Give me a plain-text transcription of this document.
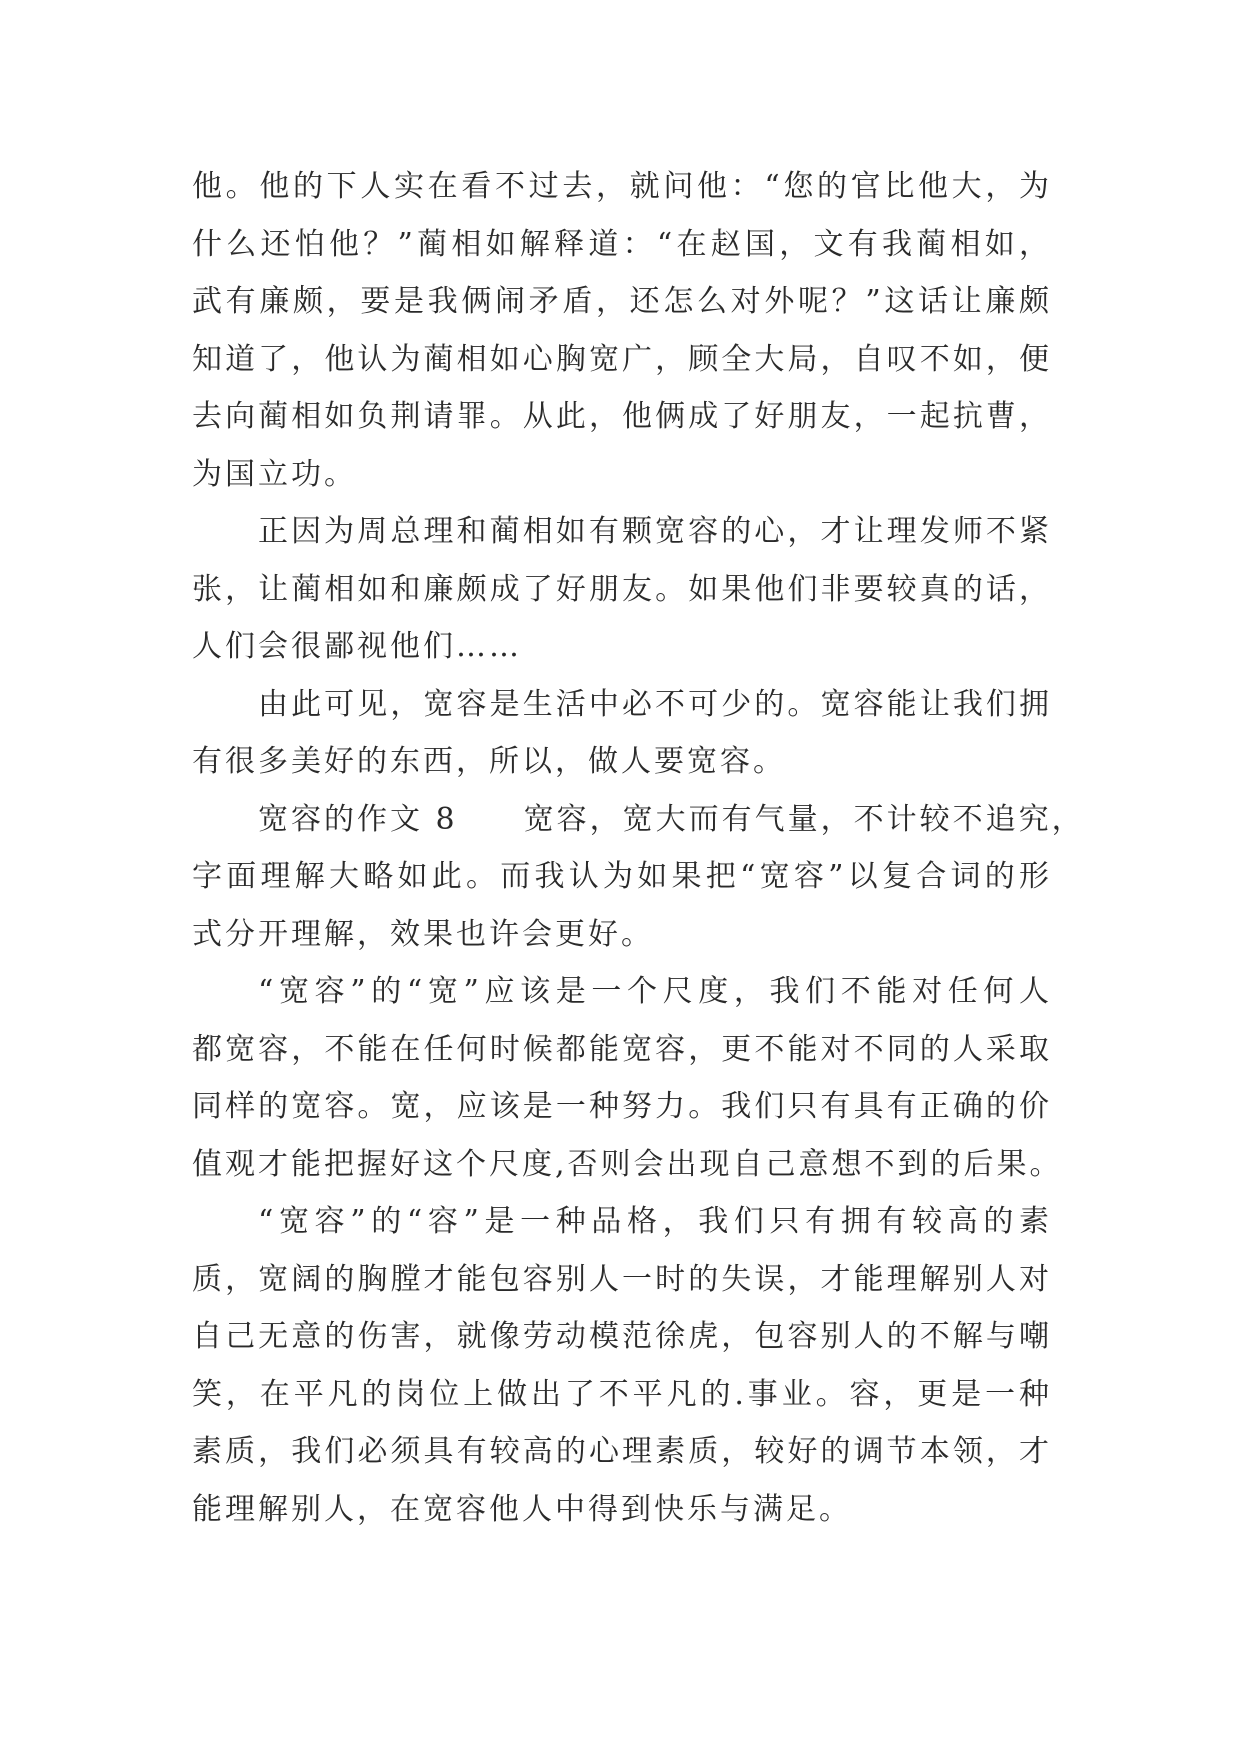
他。他的下人实在看不过去，就问他：“您的官比他大，为
什么还怕他？”蔺相如解释道：“在赵国，文有我蔺相如，
武有廉颇，要是我俩闹矛盾，还怎么对外呢？”这话让廉颇
知道了，他认为蔺相如心胸宽广，顾全大局，自叹不如，便
去向蔺相如负荆请罪。从此，他俩成了好朋友，一起抗曹，
为国立功。
正因为周总理和蔺相如有颗宽容的心，才让理发师不紧
张，让蔺相如和廉颇成了好朋友。如果他们非要较真的话，
人们会很鄙视他们……
由此可见，宽容是生活中必不可少的。宽容能让我们拥
有很多美好的东西，所以，做人要宽容。
宽容的作文 8　　宽容，宽大而有气量，不计较不追究，
字面理解大略如此。而我认为如果把“宽容”以复合词的形
式分开理解，效果也许会更好。
“宽容”的“宽”应该是一个尺度，我们不能对任何人
都宽容，不能在任何时候都能宽容，更不能对不同的人采取
同样的宽容。宽，应该是一种努力。我们只有具有正确的价
值观才能把握好这个尺度,否则会出现自己意想不到的后果。
“宽容”的“容”是一种品格，我们只有拥有较高的素
质，宽阔的胸膛才能包容别人一时的失误，才能理解别人对
自己无意的伤害，就像劳动模范徐虎，包容别人的不解与嘲
笑，在平凡的岗位上做出了不平凡的.事业。容，更是一种
素质，我们必须具有较高的心理素质，较好的调节本领，才
能理解别人，在宽容他人中得到快乐与满足。
